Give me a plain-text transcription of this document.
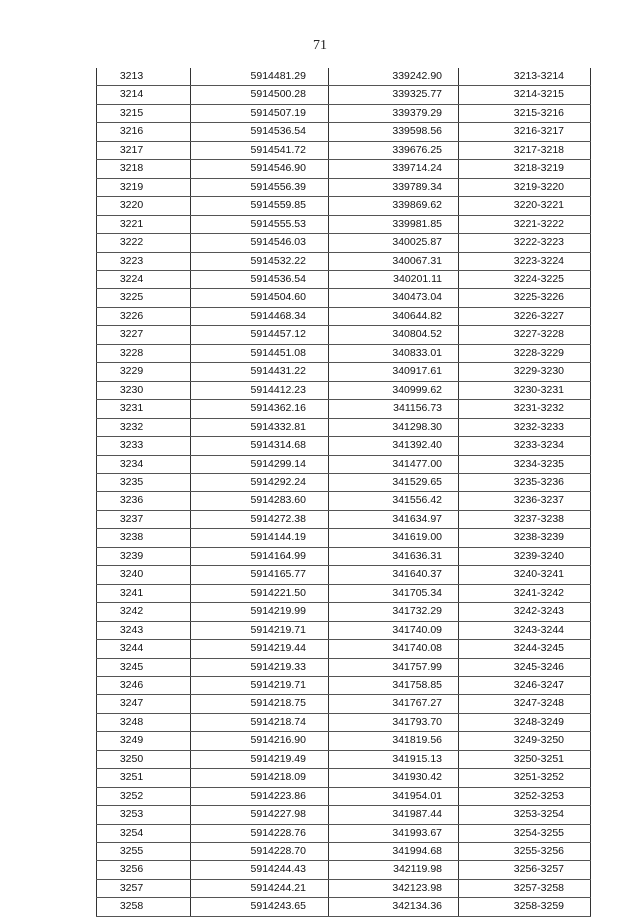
71
3213	5914481.29	339242.90	3213-3214
3214	5914500.28	339325.77	3214-3215
3215	5914507.19	339379.29	3215-3216
3216	5914536.54	339598.56	3216-3217
3217	5914541.72	339676.25	3217-3218
3218	5914546.90	339714.24	3218-3219
3219	5914556.39	339789.34	3219-3220
3220	5914559.85	339869.62	3220-3221
3221	5914555.53	339981.85	3221-3222
3222	5914546.03	340025.87	3222-3223
3223	5914532.22	340067.31	3223-3224
3224	5914536.54	340201.11	3224-3225
3225	5914504.60	340473.04	3225-3226
3226	5914468.34	340644.82	3226-3227
3227	5914457.12	340804.52	3227-3228
3228	5914451.08	340833.01	3228-3229
3229	5914431.22	340917.61	3229-3230
3230	5914412.23	340999.62	3230-3231
3231	5914362.16	341156.73	3231-3232
3232	5914332.81	341298.30	3232-3233
3233	5914314.68	341392.40	3233-3234
3234	5914299.14	341477.00	3234-3235
3235	5914292.24	341529.65	3235-3236
3236	5914283.60	341556.42	3236-3237
3237	5914272.38	341634.97	3237-3238
3238	5914144.19	341619.00	3238-3239
3239	5914164.99	341636.31	3239-3240
3240	5914165.77	341640.37	3240-3241
3241	5914221.50	341705.34	3241-3242
3242	5914219.99	341732.29	3242-3243
3243	5914219.71	341740.09	3243-3244
3244	5914219.44	341740.08	3244-3245
3245	5914219.33	341757.99	3245-3246
3246	5914219.71	341758.85	3246-3247
3247	5914218.75	341767.27	3247-3248
3248	5914218.74	341793.70	3248-3249
3249	5914216.90	341819.56	3249-3250
3250	5914219.49	341915.13	3250-3251
3251	5914218.09	341930.42	3251-3252
3252	5914223.86	341954.01	3252-3253
3253	5914227.98	341987.44	3253-3254
3254	5914228.76	341993.67	3254-3255
3255	5914228.70	341994.68	3255-3256
3256	5914244.43	342119.98	3256-3257
3257	5914244.21	342123.98	3257-3258
3258	5914243.65	342134.36	3258-3259
